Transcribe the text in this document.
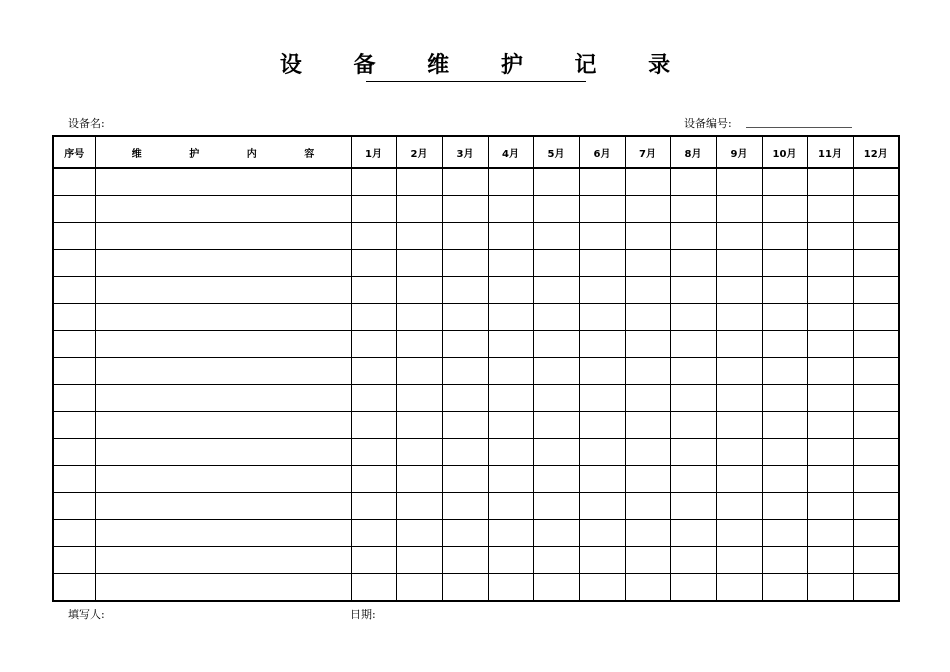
设 备 维 护 记 录
设备名:	设备编号:
序号	维 护 内 容	1月	2月	3月	4月	5月	6月	7月	8月	9月	10月	11月	12月

填写人:	日期:
